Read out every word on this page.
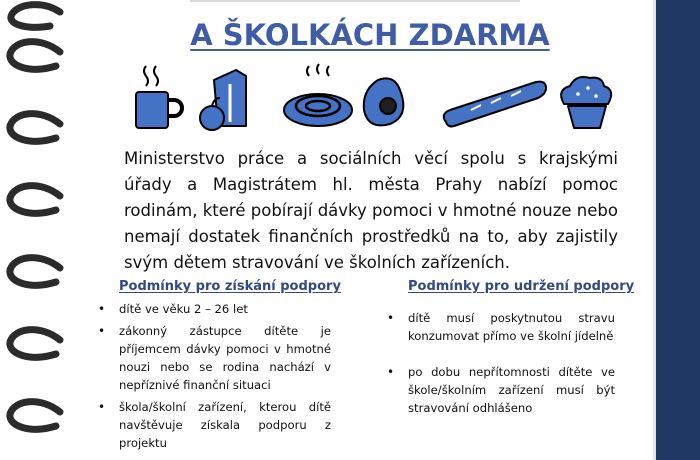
A ŠKOLKÁCH ZDARMA
Ministerstvo práce a sociálních věcí spolu s krajskými úřady a Magistrátem hl. města Prahy nabízí pomoc rodinám, které pobírají dávky pomoci v hmotné nouze nebo nemají dostatek finančních prostředků na to, aby zajistily svým dětem stravování ve školních zařízeních.
Podmínky pro získání podpory
• dítě ve věku 2 – 26 let
• zákonný zástupce dítěte je příjemcem dávky pomoci v hmotné nouzi nebo se rodina nachází v nepříznivé finanční situaci
• škola/školní zařízení, kterou dítě navštěvuje získala podporu z projektu
Podmínky pro udržení podpory
• dítě musí poskytnutou stravu konzumovat přímo ve školní jídelně
• po dobu nepřítomnosti dítěte ve škole/školním zařízení musí být stravování odhlášeno
